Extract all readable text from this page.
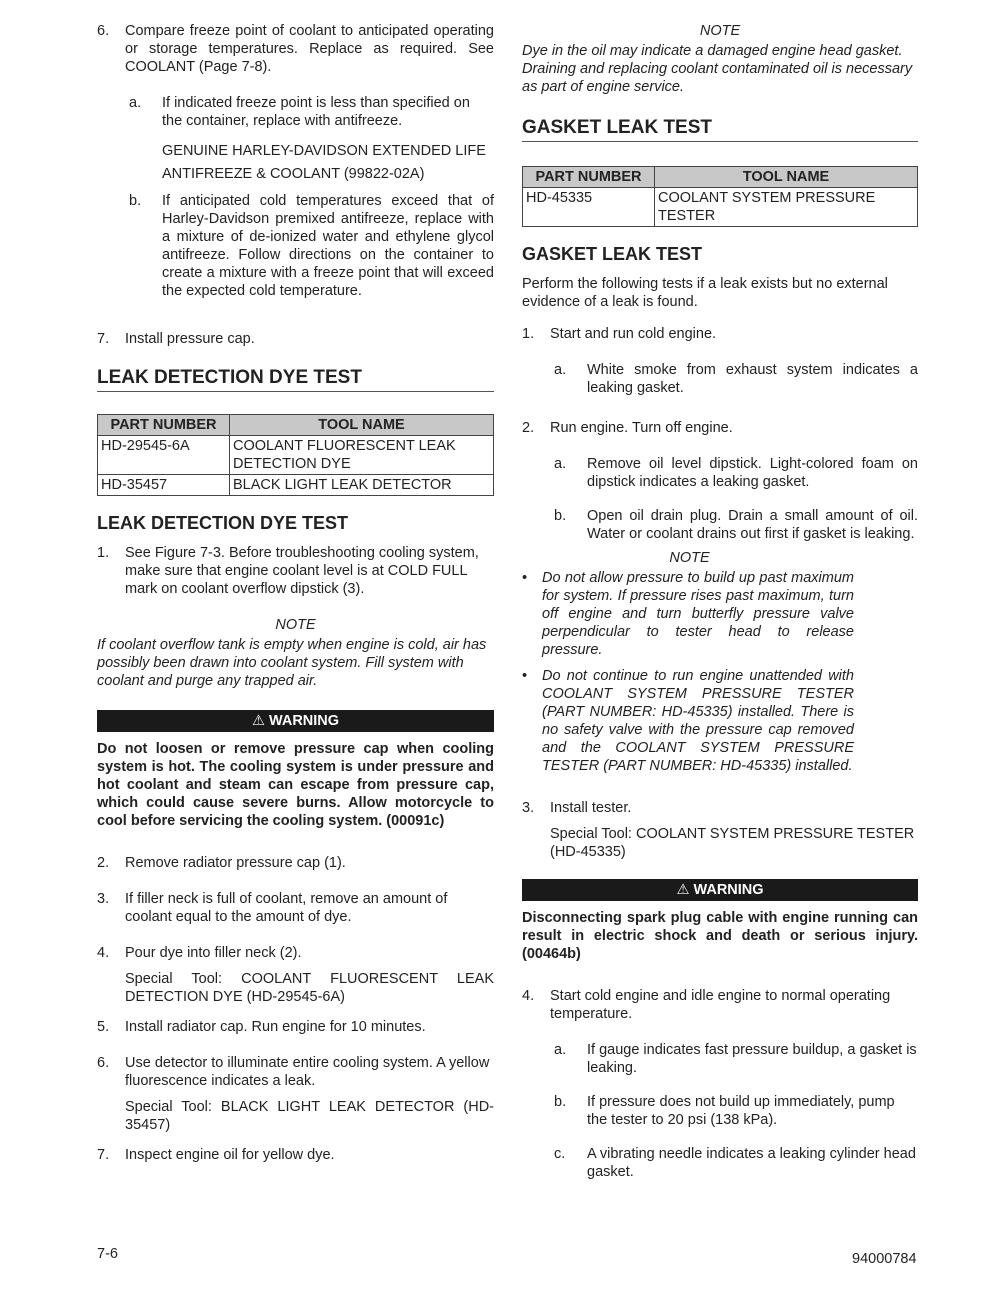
6. Compare freeze point of coolant to anticipated operating or storage temperatures. Replace as required. See COOLANT (Page 7-8).

a. If indicated freeze point is less than specified on the container, replace with antifreeze.

GENUINE HARLEY-DAVIDSON EXTENDED LIFE

ANTIFREEZE & COOLANT (99822-02A)

b. If anticipated cold temperatures exceed that of Harley-Davidson premixed antifreeze, replace with a mixture of de-ionized water and ethylene glycol antifreeze. Follow directions on the container to create a mixture with a freeze point that will exceed the expected cold temperature.

7. Install pressure cap.

LEAK DETECTION DYE TEST
PART NUMBER	TOOL NAME
HD-29545-6A	COOLANT FLUORESCENT LEAK DETECTION DYE
HD-35457	BLACK LIGHT LEAK DETECTOR
LEAK DETECTION DYE TEST
1. See Figure 7-3. Before troubleshooting cooling system, make sure that engine coolant level is at COLD FULL mark on coolant overflow dipstick (3).

NOTE
If coolant overflow tank is empty when engine is cold, air has possibly been drawn into coolant system. Fill system with coolant and purge any trapped air.
⚠ WARNING
Do not loosen or remove pressure cap when cooling system is hot. The cooling system is under pressure and hot coolant and steam can escape from pressure cap, which could cause severe burns. Allow motorcycle to cool before servicing the cooling system. (00091c)
2. Remove radiator pressure cap (1).

3. If filler neck is full of coolant, remove an amount of coolant equal to the amount of dye.

4. Pour dye into filler neck (2).

Special Tool: COOLANT FLUORESCENT LEAK DETECTION DYE (HD-29545-6A)

5. Install radiator cap. Run engine for 10 minutes.

6. Use detector to illuminate entire cooling system. A yellow fluorescence indicates a leak.

Special Tool: BLACK LIGHT LEAK DETECTOR (HD-35457)

7. Inspect engine oil for yellow dye.

NOTE
Dye in the oil may indicate a damaged engine head gasket. Draining and replacing coolant contaminated oil is necessary as part of engine service.
GASKET LEAK TEST
PART NUMBER	TOOL NAME
HD-45335	COOLANT SYSTEM PRESSURE TESTER
GASKET LEAK TEST

Perform the following tests if a leak exists but no external evidence of a leak is found.

1. Start and run cold engine.

a. White smoke from exhaust system indicates a leaking gasket.

2. Run engine. Turn off engine.

a. Remove oil level dipstick. Light-colored foam on dipstick indicates a leaking gasket.

b. Open oil drain plug. Drain a small amount of oil. Water or coolant drains out first if gasket is leaking.

NOTE
• Do not allow pressure to build up past maximum for system. If pressure rises past maximum, turn off engine and turn butterfly pressure valve perpendicular to tester head to release pressure.

• Do not continue to run engine unattended with COOLANT SYSTEM PRESSURE TESTER (PART NUMBER: HD-45335) installed. There is no safety valve with the pressure cap removed and the COOLANT SYSTEM PRESSURE TESTER (PART NUMBER: HD-45335) installed.

3. Install tester.

Special Tool: COOLANT SYSTEM PRESSURE TESTER (HD-45335)

⚠ WARNING
Disconnecting spark plug cable with engine running can result in electric shock and death or serious injury. (00464b)
4. Start cold engine and idle engine to normal operating temperature.

a. If gauge indicates fast pressure buildup, a gasket is leaking.

b. If pressure does not build up immediately, pump the tester to 20 psi (138 kPa).

c. A vibrating needle indicates a leaking cylinder head gasket.

7-6	94000784
